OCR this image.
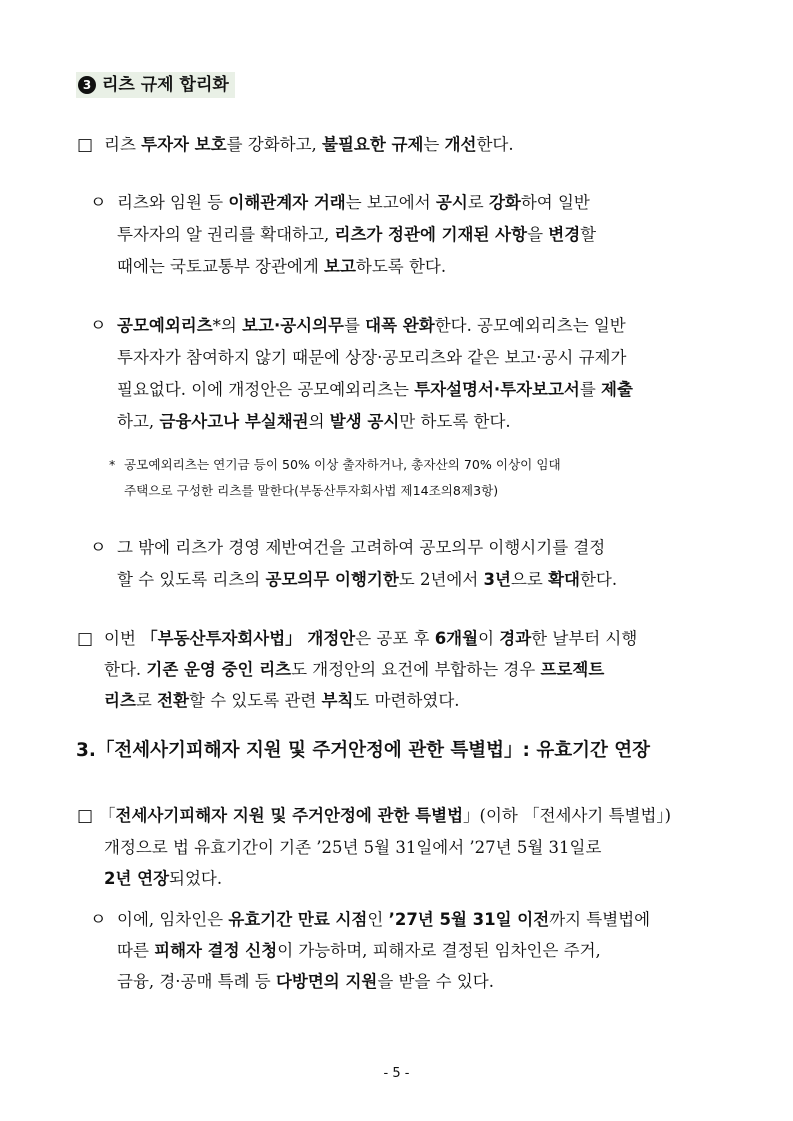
3 리츠 규제 합리화
□ 리츠 투자자 보호를 강화하고, 불필요한 규제는 개선한다.
ㅇ 리츠와 임원 등 이해관계자 거래는 보고에서 공시로 강화하여 일반
투자자의 알 권리를 확대하고, 리츠가 정관에 기재된 사항을 변경할
때에는 국토교통부 장관에게 보고하도록 한다.
ㅇ 공모예외리츠*의 보고·공시의무를 대폭 완화한다. 공모예외리츠는 일반
투자자가 참여하지 않기 때문에 상장·공모리츠와 같은 보고·공시 규제가
필요없다. 이에 개정안은 공모예외리츠는 투자설명서·투자보고서를 제출
하고, 금융사고나 부실채권의 발생 공시만 하도록 한다.
* 공모예외리츠는 연기금 등이 50% 이상 출자하거나, 총자산의 70% 이상이 임대
주택으로 구성한 리츠를 말한다(부동산투자회사법 제14조의8제3항)
ㅇ 그 밖에 리츠가 경영 제반여건을 고려하여 공모의무 이행시기를 결정
할 수 있도록 리츠의 공모의무 이행기한도 2년에서 3년으로 확대한다.
□ 이번 「부동산투자회사법」 개정안은 공포 후 6개월이 경과한 날부터 시행
한다. 기존 운영 중인 리츠도 개정안의 요건에 부합하는 경우 프로젝트
리츠로 전환할 수 있도록 관련 부칙도 마련하였다.
3.「전세사기피해자 지원 및 주거안정에 관한 특별법」: 유효기간 연장
□ 「전세사기피해자 지원 및 주거안정에 관한 특별법」(이하 「전세사기 특별법」)
개정으로 법 유효기간이 기존 ’25년 5월 31일에서 ’27년 5월 31일로
2년 연장되었다.
ㅇ 이에, 임차인은 유효기간 만료 시점인 ’27년 5월 31일 이전까지 특별법에
따른 피해자 결정 신청이 가능하며, 피해자로 결정된 임차인은 주거,
금융, 경·공매 특례 등 다방면의 지원을 받을 수 있다.
- 5 -
